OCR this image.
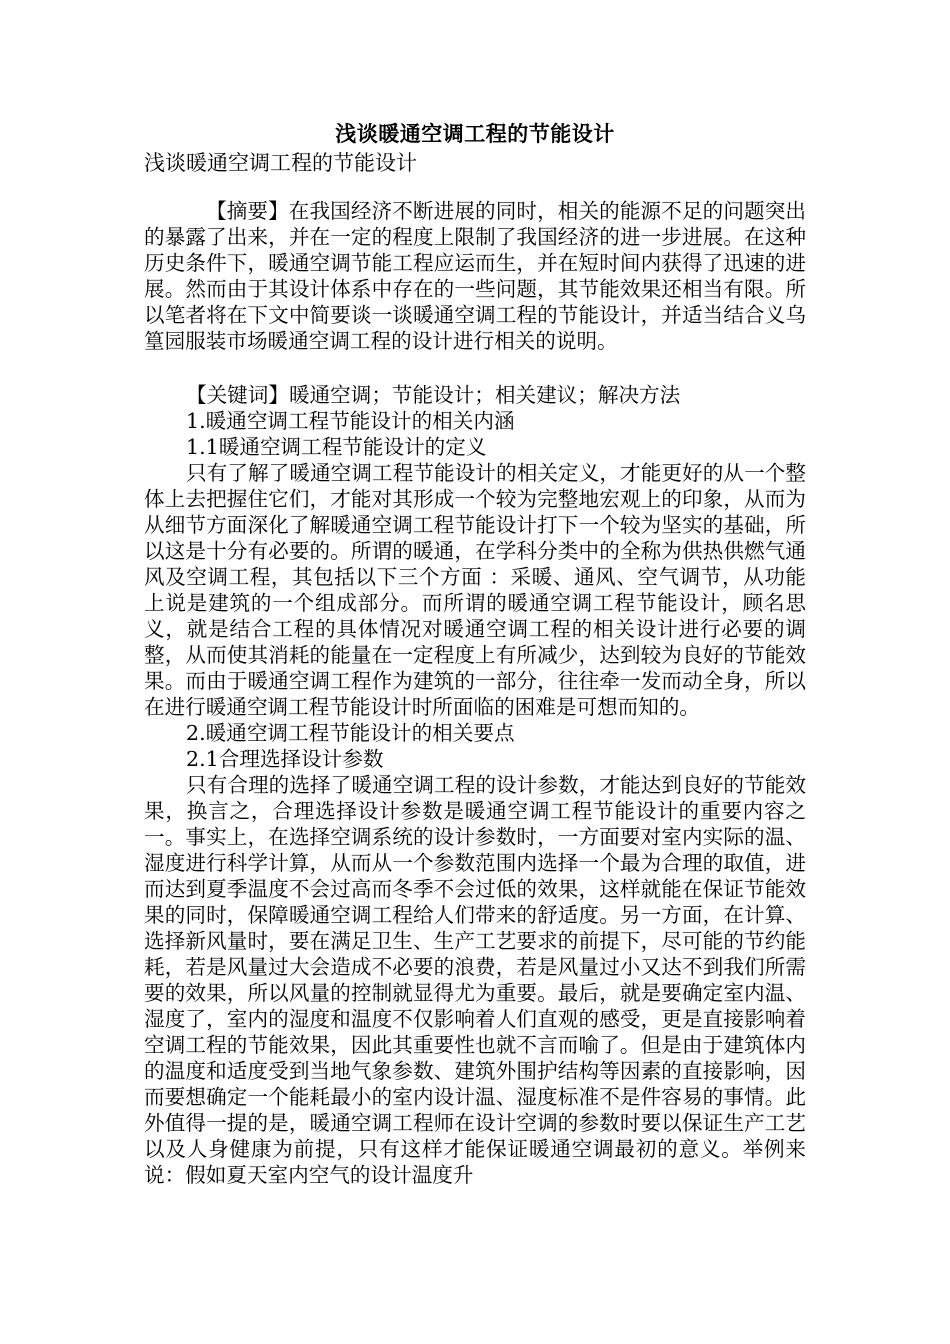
浅谈暖通空调工程的节能设计

浅谈暖通空调工程的节能设计

【摘要】在我国经济不断进展的同时，相关的能源不足的问题突出的暴露了出来，并在一定的程度上限制了我国经济的进一步进展。在这种历史条件下，暖通空调节能工程应运而生，并在短时间内获得了迅速的进展。然而由于其设计体系中存在的一些问题，其节能效果还相当有限。所以笔者将在下文中简要谈一谈暖通空调工程的节能设计，并适当结合义乌篁园服装市场暖通空调工程的设计进行相关的说明。

【关键词】暖通空调；节能设计；相关建议；解决方法

1.暖通空调工程节能设计的相关内涵

1.1暖通空调工程节能设计的定义

只有了解了暖通空调工程节能设计的相关定义，才能更好的从一个整体上去把握住它们，才能对其形成一个较为完整地宏观上的印象，从而为从细节方面深化了解暖通空调工程节能设计打下一个较为坚实的基础，所以这是十分有必要的。所谓的暖通，在学科分类中的全称为供热供燃气通风及空调工程，其包括以下三个方面 ：采暖、通风、空气调节，从功能上说是建筑的一个组成部分。而所谓的暖通空调工程节能设计，顾名思义，就是结合工程的具体情况对暖通空调工程的相关设计进行必要的调整，从而使其消耗的能量在一定程度上有所减少，达到较为良好的节能效果。而由于暖通空调工程作为建筑的一部分，往往牵一发而动全身，所以在进行暖通空调工程节能设计时所面临的困难是可想而知的。

2.暖通空调工程节能设计的相关要点

2.1合理选择设计参数

只有合理的选择了暖通空调工程的设计参数，才能达到良好的节能效果，换言之，合理选择设计参数是暖通空调工程节能设计的重要内容之一。事实上，在选择空调系统的设计参数时，一方面要对室内实际的温、湿度进行科学计算，从而从一个参数范围内选择一个最为合理的取值，进而达到夏季温度不会过高而冬季不会过低的效果，这样就能在保证节能效果的同时，保障暖通空调工程给人们带来的舒适度。另一方面，在计算、选择新风量时，要在满足卫生、生产工艺要求的前提下，尽可能的节约能耗，若是风量过大会造成不必要的浪费，若是风量过小又达不到我们所需要的效果，所以风量的控制就显得尤为重要。最后，就是要确定室内温、湿度了，室内的湿度和温度不仅影响着人们直观的感受，更是直接影响着空调工程的节能效果，因此其重要性也就不言而喻了。但是由于建筑体内的温度和适度受到当地气象参数、建筑外围护结构等因素的直接影响，因而要想确定一个能耗最小的室内设计温、湿度标准不是件容易的事情。此外值得一提的是，暖通空调工程师在设计空调的参数时要以保证生产工艺以及人身健康为前提，只有这样才能保证暖通空调最初的意义。举例来说：假如夏天室内空气的设计温度升
